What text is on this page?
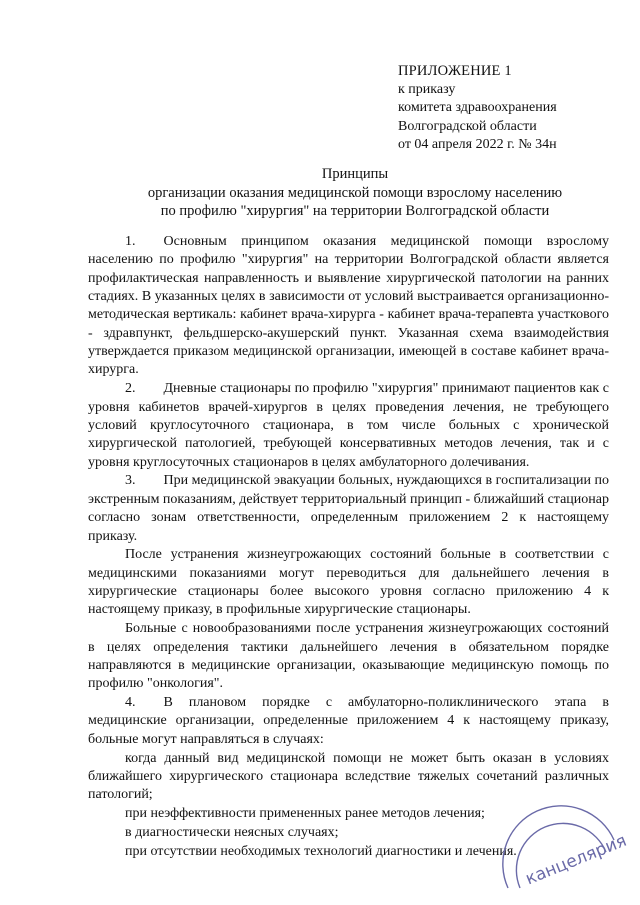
ПРИЛОЖЕНИЕ 1
к приказу
комитета здравоохранения
Волгоградской области
от 04 апреля 2022 г. № 34н
Принципы
организации оказания медицинской помощи взрослому населению
по профилю "хирургия" на территории Волгоградской области

1.  Основным принципом оказания медицинской помощи взрослому населению по профилю "хирургия" на территории Волгоградской области является профилактическая направленность и выявление хирургической патологии на ранних стадиях. В указанных целях в зависимости от условий выстраивается организационно-методическая вертикаль: кабинет врача-хирурга - кабинет врача-терапевта участкового - здравпункт, фельдшерско-акушерский пункт. Указанная схема взаимодействия утверждается приказом медицинской организации, имеющей в составе кабинет врача-хирурга.

2.  Дневные стационары по профилю "хирургия" принимают пациентов как с уровня кабинетов врачей-хирургов в целях проведения лечения, не требующего условий круглосуточного стационара, в том числе больных с хронической хирургической патологией, требующей консервативных методов лечения, так и с уровня круглосуточных стационаров в целях амбулаторного долечивания.

3.  При медицинской эвакуации больных, нуждающихся в госпитализации по экстренным показаниям, действует территориальный принцип - ближайший стационар согласно зонам ответственности, определенным приложением 2 к настоящему приказу.

После устранения жизнеугрожающих состояний больные в соответствии с медицинскими показаниями могут переводиться для дальнейшего лечения в хирургические стационары более высокого уровня согласно приложению 4 к настоящему приказу, в профильные хирургические стационары.

Больные с новообразованиями после устранения жизнеугрожающих состояний в целях определения тактики дальнейшего лечения в обязательном порядке направляются в медицинские организации, оказывающие медицинскую помощь по профилю "онкология".

4.  В плановом порядке с амбулаторно-поликлинического этапа в медицинские организации, определенные приложением 4 к настоящему приказу, больные могут направляться в случаях:

когда данный вид медицинской помощи не может быть оказан в условиях ближайшего хирургического стационара вследствие тяжелых сочетаний различных патологий;

при неэффективности примененных ранее методов лечения;

в диагностически неясных случаях;

при отсутствии необходимых технологий диагностики и лечения. канцелярия
